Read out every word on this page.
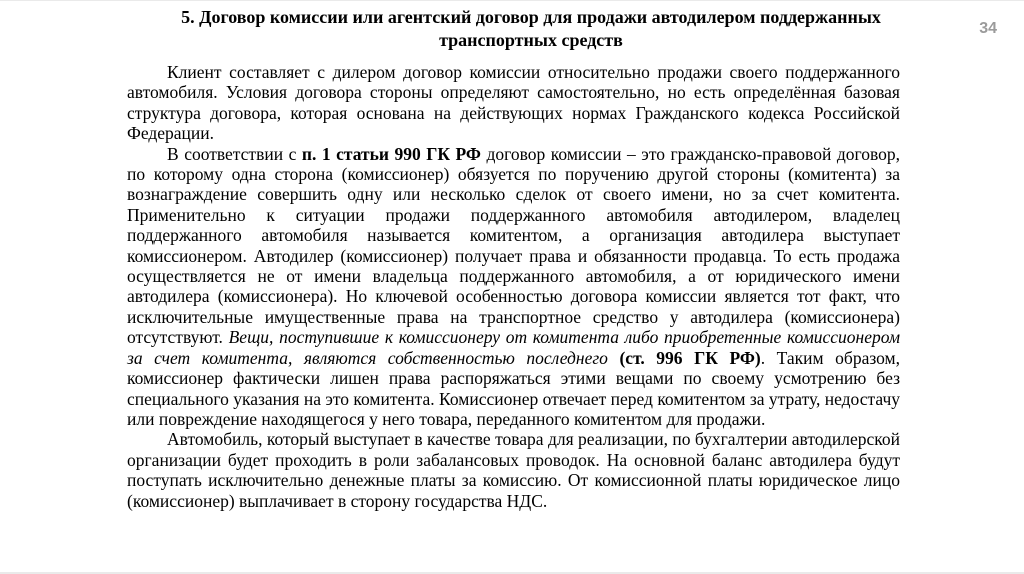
5. Договор комиссии или агентский договор для продажи автодилером поддержанных транспортных средств
34

Клиент составляет с дилером договор комиссии относительно продажи своего поддержанного автомобиля. Условия договора стороны определяют самостоятельно, но есть определённая базовая структура договора, которая основана на действующих нормах Гражданского кодекса Российской Федерации.

В соответствии с п. 1 статьи 990 ГК РФ договор комиссии – это гражданско-правовой договор, по которому одна сторона (комиссионер) обязуется по поручению другой стороны (комитента) за вознаграждение совершить одну или несколько сделок от своего имени, но за счет комитента. Применительно к ситуации продажи поддержанного автомобиля автодилером, владелец поддержанного автомобиля называется комитентом, а организация автодилера выступает комиссионером. Автодилер (комиссионер) получает права и обязанности продавца. То есть продажа осуществляется не от имени владельца поддержанного автомобиля, а от юридического имени автодилера (комиссионера). Но ключевой особенностью договора комиссии является тот факт, что исключительные имущественные права на транспортное средство у автодилера (комиссионера) отсутствуют. Вещи, поступившие к комиссионеру от комитента либо приобретенные комиссионером за счет комитента, являются собственностью последнего (ст. 996 ГК РФ). Таким образом, комиссионер фактически лишен права распоряжаться этими вещами по своему усмотрению без специального указания на это комитента. Комиссионер отвечает перед комитентом за утрату, недостачу или повреждение находящегося у него товара, переданного комитентом для продажи.

Автомобиль, который выступает в качестве товара для реализации, по бухгалтерии автодилерской организации будет проходить в роли забалансовых проводок. На основной баланс автодилера будут поступать исключительно денежные платы за комиссию. От комиссионной платы юридическое лицо (комиссионер) выплачивает в сторону государства НДС.
